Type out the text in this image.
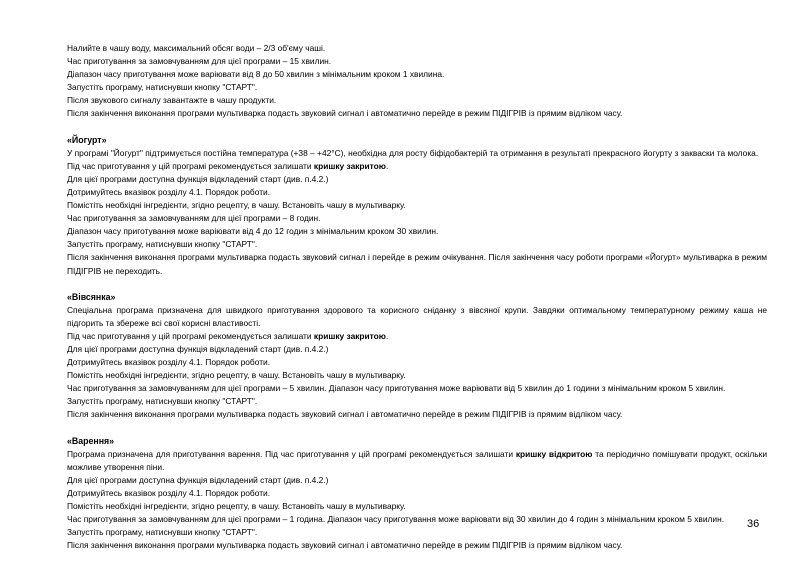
Налийте в чашу воду, максимальний обсяг води – 2/3 об'єму чаші.

Час приготування за замовчуванням для цієї програми – 15 хвилин.

Діапазон часу приготування може варіювати від 8 до 50 хвилин з мінімальним кроком 1 хвилина.

Запустіть програму, натиснувши кнопку "СТАРТ".

Після звукового сигналу завантажте в чашу продукти.

Після закінчення виконання програми мультиварка подасть звуковий сигнал і автоматично перейде в режим ПІДІГРІВ із прямим відліком часу.

«Йогурт»

У програмі "Йогурт" підтримується постійна температура (+38 – +42°С), необхідна для росту біфідобактерій та отримання в результаті прекрасного йогурту з закваски та молока.

Під час приготування у цій програмі рекомендується залишати кришку закритою.

Для цієї програми доступна функція відкладений старт (див. п.4.2.)

Дотримуйтесь вказівок розділу 4.1. Порядок роботи.

Помістіть необхідні інгредієнти, згідно рецепту, в чашу. Встановіть чашу в мультиварку.

Час приготування за замовчуванням для цієї програми – 8 годин.

Діапазон часу приготування може варіювати від 4 до 12 годин з мінімальним кроком 30 хвилин.

Запустіть програму, натиснувши кнопку "СТАРТ".

Після закінчення виконання програми мультиварка подасть звуковий сигнал і перейде в режим очікування. Після закінчення часу роботи програми «Йогурт» мультиварка в режим ПІДІГРІВ не переходить.

«Вівсянка»

Спеціальна програма призначена для швидкого приготування здорового та корисного сніданку з вівсяної крупи. Завдяки оптимальному температурному режиму каша не підгорить та збереже всі свої корисні властивості.

Під час приготування у цій програмі рекомендується залишати кришку закритою.

Для цієї програми доступна функція відкладений старт (див. п.4.2.)

Дотримуйтесь вказівок розділу 4.1. Порядок роботи.

Помістіть необхідні інгредієнти, згідно рецепту, в чашу. Встановіть чашу в мультиварку.

Час приготування за замовчуванням для цієї програми – 5 хвилин. Діапазон часу приготування може варіювати від 5 хвилин до 1 години з мінімальним кроком 5 хвилин.

Запустіть програму, натиснувши кнопку "СТАРТ".

Після закінчення виконання програми мультиварка подасть звуковий сигнал і автоматично перейде в режим ПІДІГРІВ із прямим відліком часу.

«Варення»

Програма призначена для приготування варення. Під час приготування у цій програмі рекомендується залишати кришку відкритою та періодично помішувати продукт, оскільки можливе утворення піни.

Для цієї програми доступна функція відкладений старт (див. п.4.2.)

Дотримуйтесь вказівок розділу 4.1. Порядок роботи.

Помістіть необхідні інгредієнти, згідно рецепту, в чашу. Встановіть чашу в мультиварку.

Час приготування за замовчуванням для цієї програми – 1 година. Діапазон часу приготування може варіювати від 30 хвилин до 4 годин з мінімальним кроком 5 хвилин.

Запустіть програму, натиснувши кнопку "СТАРТ".

Після закінчення виконання програми мультиварка подасть звуковий сигнал і автоматично перейде в режим ПІДІГРІВ із прямим відліком часу.

36
